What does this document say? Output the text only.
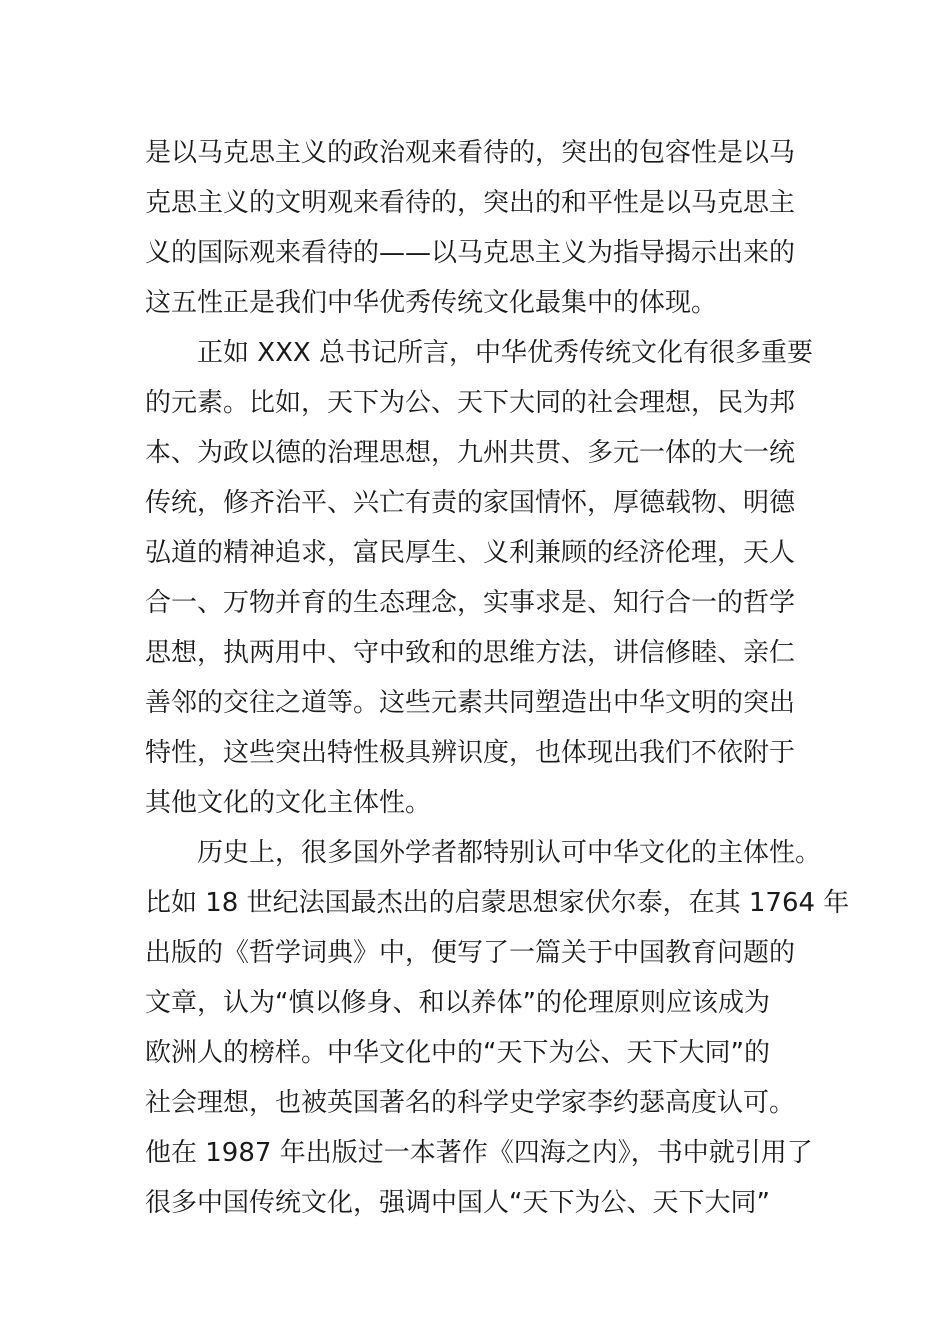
是以马克思主义的政治观来看待的，突出的包容性是以马
克思主义的文明观来看待的，突出的和平性是以马克思主
义的国际观来看待的——以马克思主义为指导揭示出来的
这五性正是我们中华优秀传统文化最集中的体现。
正如 XXX 总书记所言，中华优秀传统文化有很多重要
的元素。比如，天下为公、天下大同的社会理想，民为邦
本、为政以德的治理思想，九州共贯、多元一体的大一统
传统，修齐治平、兴亡有责的家国情怀，厚德载物、明德
弘道的精神追求，富民厚生、义利兼顾的经济伦理，天人
合一、万物并育的生态理念，实事求是、知行合一的哲学
思想，执两用中、守中致和的思维方法，讲信修睦、亲仁
善邻的交往之道等。这些元素共同塑造出中华文明的突出
特性，这些突出特性极具辨识度，也体现出我们不依附于
其他文化的文化主体性。
历史上，很多国外学者都特别认可中华文化的主体性。
比如 18 世纪法国最杰出的启蒙思想家伏尔泰，在其 1764 年
出版的《哲学词典》中，便写了一篇关于中国教育问题的
文章，认为“慎以修身、和以养体”的伦理原则应该成为
欧洲人的榜样。中华文化中的“天下为公、天下大同”的
社会理想，也被英国著名的科学史学家李约瑟高度认可。
他在 1987 年出版过一本著作《四海之内》，书中就引用了
很多中国传统文化，强调中国人“天下为公、天下大同”
